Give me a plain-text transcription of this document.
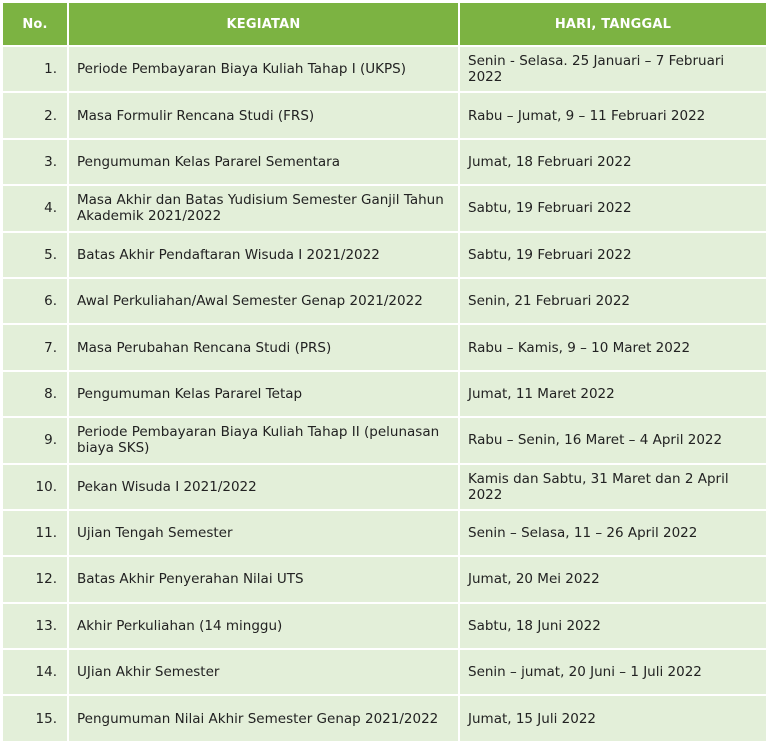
No.	KEGIATAN	HARI, TANGGAL
1.	Periode Pembayaran Biaya Kuliah Tahap I (UKPS)	Senin - Selasa. 25 Januari – 7 Februari 2022
2.	Masa Formulir Rencana Studi (FRS)	Rabu – Jumat, 9 – 11 Februari 2022
3.	Pengumuman Kelas Pararel Sementara	Jumat, 18 Februari 2022
4.	Masa Akhir dan Batas Yudisium Semester Ganjil Tahun Akademik 2021/2022	Sabtu, 19 Februari 2022
5.	Batas Akhir Pendaftaran Wisuda I 2021/2022	Sabtu, 19 Februari 2022
6.	Awal Perkuliahan/Awal Semester Genap 2021/2022	Senin, 21 Februari 2022
7.	Masa Perubahan Rencana Studi (PRS)	Rabu – Kamis, 9 – 10 Maret 2022
8.	Pengumuman Kelas Pararel Tetap	Jumat, 11 Maret 2022
9.	Periode Pembayaran Biaya Kuliah Tahap II (pelunasan biaya SKS)	Rabu – Senin, 16 Maret – 4 April 2022
10.	Pekan Wisuda I 2021/2022	Kamis dan Sabtu, 31 Maret dan 2 April 2022
11.	Ujian Tengah Semester	Senin – Selasa, 11 – 26 April 2022
12.	Batas Akhir Penyerahan Nilai UTS	Jumat, 20 Mei 2022
13.	Akhir Perkuliahan (14 minggu)	Sabtu, 18 Juni 2022
14.	UJian Akhir Semester	Senin – jumat, 20 Juni – 1 Juli 2022
15.	Pengumuman Nilai Akhir Semester Genap 2021/2022	Jumat, 15 Juli 2022
